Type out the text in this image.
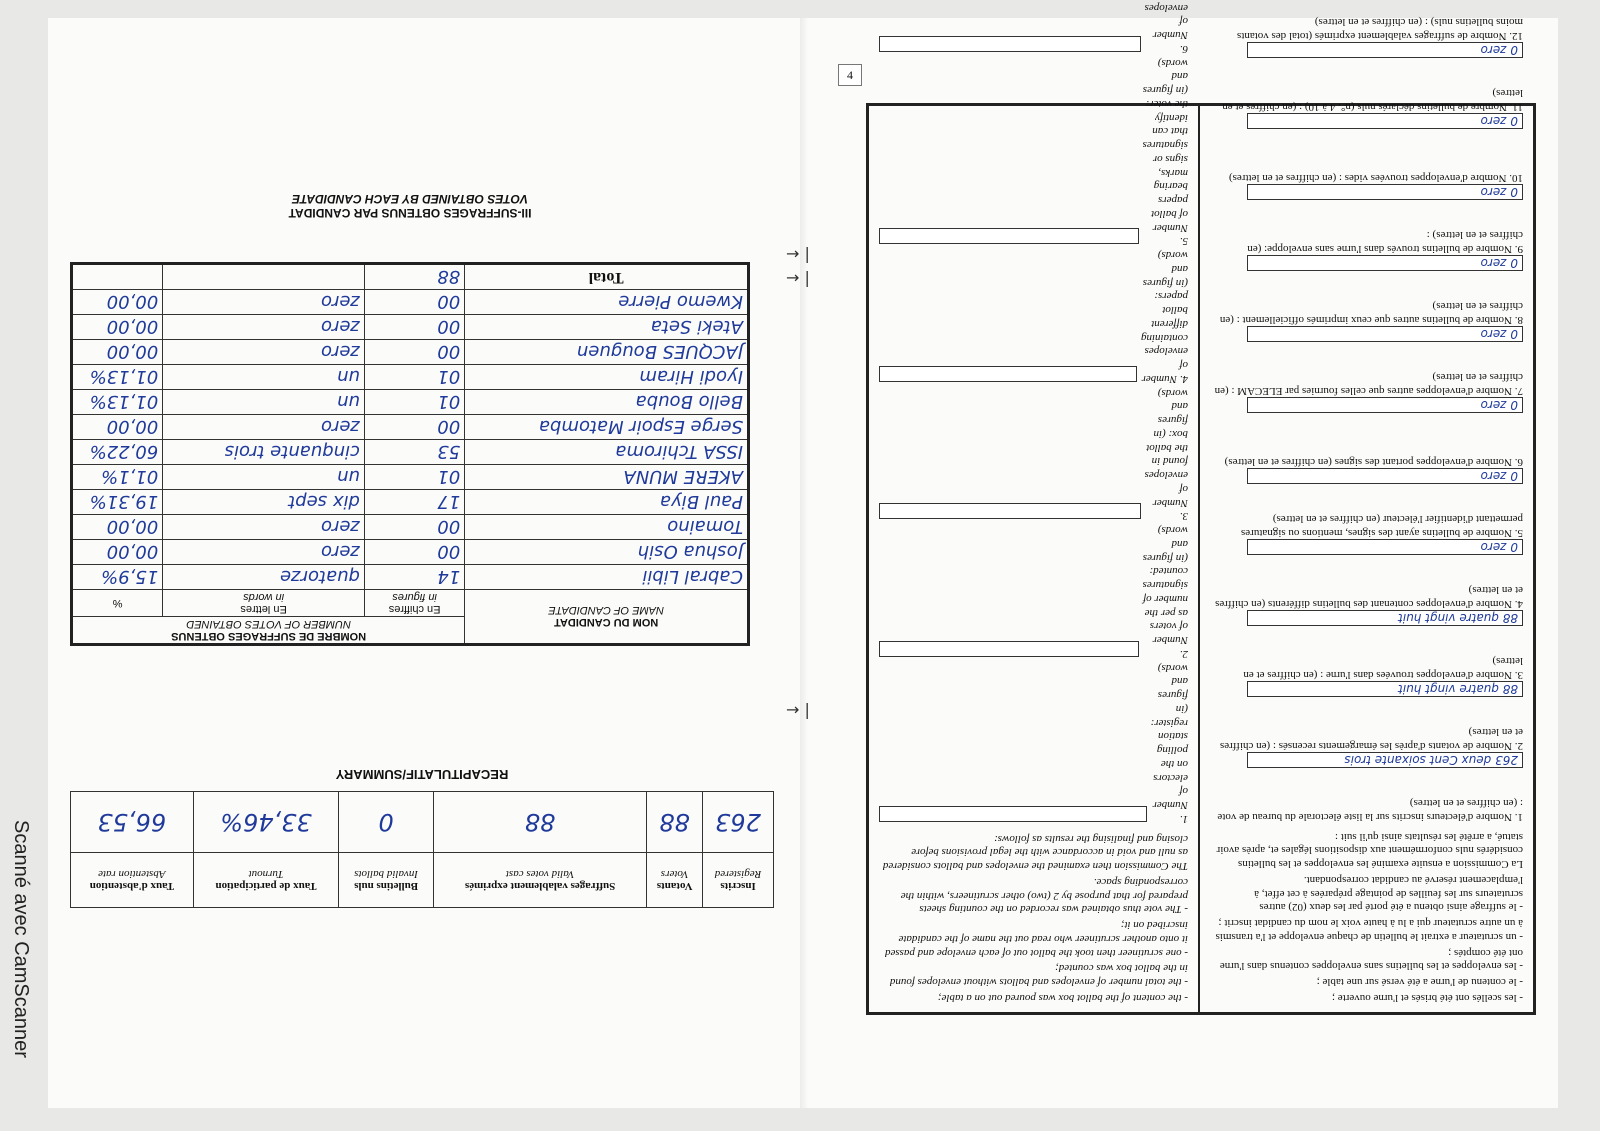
4
→ |
→ |
→ |

- les scellés ont été brisés et l'urne ouverte ;

- le contenu de l'urne a été versé sur une table ;

- les enveloppes et les bulletins sans enveloppes contenus dans l'urne ont été comptés ;

- un scrutateur a extrait le bulletin de chaque enveloppe et l'a transmis à un autre scrutateur qui a lu à haute voix le nom du candidat inscrit ;

- le suffrage ainsi obtenu a été porté par les deux (02) autres scrutateurs sur les feuilles de pointage préparées à cet effet, à l'emplacement réservé au candidat correspondant.

La Commission a ensuite examiné les enveloppes et les bulletins considérés nuls conformément aux dispositions légales et, après avoir statué, a arrêté les résultats ainsi qu'il suit :

1. Nombre d'électeurs inscrits sur la liste électorale du bureau de vote : (en chiffres et en lettres)
263 deux Cent soixante trois
2. Nombre de votants d'après les émargements recensés : (en chiffres et en lettres)
88 quatre vingt huit
3. Nombre d'enveloppes trouvées dans l'urne : (en chiffres et en lettres)
88 quatre vingt huit
4. Nombre d'enveloppes contenant des bulletins différents (en chiffres et en lettres)
0 zero
5. Nombre de bulletins ayant des signes, mentions ou signatures permettant d'identifier l'électeur (en chiffres et en lettres)
0 zero
6. Nombre d'enveloppes portant des signes (en chiffres et en lettres)
0 zero
7. Nombre d'enveloppes autres que celles fournies par ELECAM : (en chiffres et en lettres)
0 zero
8. Nombre de bulletins autres que ceux imprimés officiellement : (en chiffres et en lettres)
0 zero
9. Nombre de bulletins trouvés dans l'urne sans enveloppe: (en chiffres et en lettres) :
0 zero
10. Nombre d'enveloppes trouvées vides : (en chiffres et en lettres)
0 zero
11. Nombre de bulletins déclarés nuls (n°. 4 à 10) : (en chiffres et en lettres)
0 zero
12. Nombre de suffrages valablement exprimés (total des votants moins bulletins nuls) : (en chiffres et en lettres)

- the content of the ballot box was poured out on a table;

- the total number of envelopes and ballots without envelopes found in the ballot box was counted;

- one scrutineer then took the ballot out of each envelope and passed it onto another scrutineer who read out the name of the candidate inscribed on it;

- The vote thus obtained was recorded on the counting sheets prepared for that purpose by 2 (two) other scrutineers, within the corresponding space.

The Commission then examined the envelopes and ballots considered as null and void in accordance with the legal provisions before closing and finalising the results as follows:

1. Number of electors on the polling station register: (in figures and words)
2. Number of voters as per the number of signatures counted: (in figures and words)
3. Number of envelopes found in the ballot box: (in figures and words)
4. Number of envelopes containing different ballot papers: (in figures and words)
5. Number of ballot papers bearing marks, signs or signatures that can identify the voter: (in figures and words)
6. Number of envelopes
Inscrits
Registered	Votants
Voters	Suffrages valablement exprimés
Valid votes cast	Bulletins nuls
Invalid ballots	Taux de participation
Turnout	Taux d'abstention
Abstention rate
263	88	88	0	33,46%	66,53
RECAPITULATIF/SUMMARY
NOM DU CANDIDAT
NAME OF CANDIDATE	NOMBRE DE SUFFRAGES OBTENUS
NUMBER OF VOTES OBTAINED		
	En chiffres
in figures	En lettres
in words	%
Cabral Libii	14	quatorze	15,9%
Joshua Osih	00	zero	00,00
Tomaino	00	zero	00,00
Paul Biya	17	dix sept	19,31%
AKERE MUNA	01	un	01,1%
ISSA Tchiroma	53	cinquante trois	60,22%
Serge Espoir Matomba	00	zero	00,00
Bello Bouba	01	un	01,13%
Iyodi Hiram	01	un	01,13%
JACQUES Bouguen	00	zero	00,00
Ateki Seta	00	zero	00,00
Kwemo Pierre	00	zero	00,00
Total	88		
III-SUFFRAGES OBTENUS PAR CANDIDAT
VOTES OBTAINED BY EACH CANDIDATE
Scanné avec CamScanner
